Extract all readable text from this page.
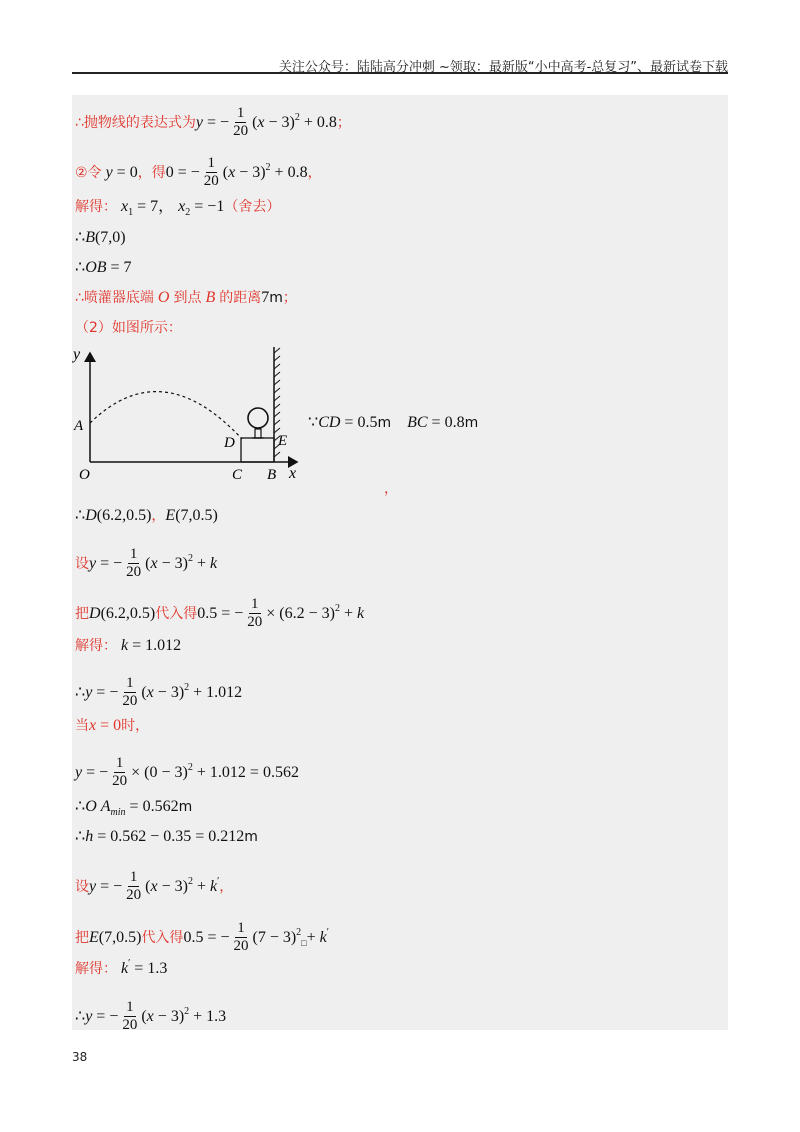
关注公众号：陆陆高分冲刺 ~领取：最新版“小中高考-总复习”、最新试卷下载
∴ 抛物线的表达式为 y = − $\frac{1}{20} (x - 3)^2 + 0.8$ ；
②令 y = 0 ，得 0 = − $\frac{1}{20} (x - 3)^2 + 0.8$ ，
解得： $x_1 = 7$， $x_2 = -1$ （舍去）
∴B(7,0)
∴OB = 7
∴ 喷灌器底端 O 到点 B 的距离 7 m ；
（2）如图所示：
y
x
A
O	C B
D	E
∵CD = 0.5m BC = 0.8m
，
∴D(6.2,0.5) ， E(7,0.5)
设 y = − $\frac{1}{20} (x - 3)^2 + k$
把 D(6.2,0.5) 代入得 0.5 = − $\frac{1}{20} \times (6.2 - 3)^2 + k$
解得： k = 1.012
∴y = − $\frac{1}{20} (x - 3)^2 + 1.012$
当 x = 0 时，
y = − $\frac{1}{20} \times (0 - 3)^2 + 1.012 = 0.562$
∴O $A_{min} = 0.562$ m
∴h = 0.562 − 0.35 = 0.212 m
设 y = − $\frac{1}{20} (x - 3)^2 + k'$ ，
把 E(7,0.5) 代入得 0.5 = − $\frac{1}{20} (7 - 3)^2_□+ k'$
解得： k′ = 1.3
∴y = − $\frac{1}{20} (x - 3)^2 + 1.3$
38
